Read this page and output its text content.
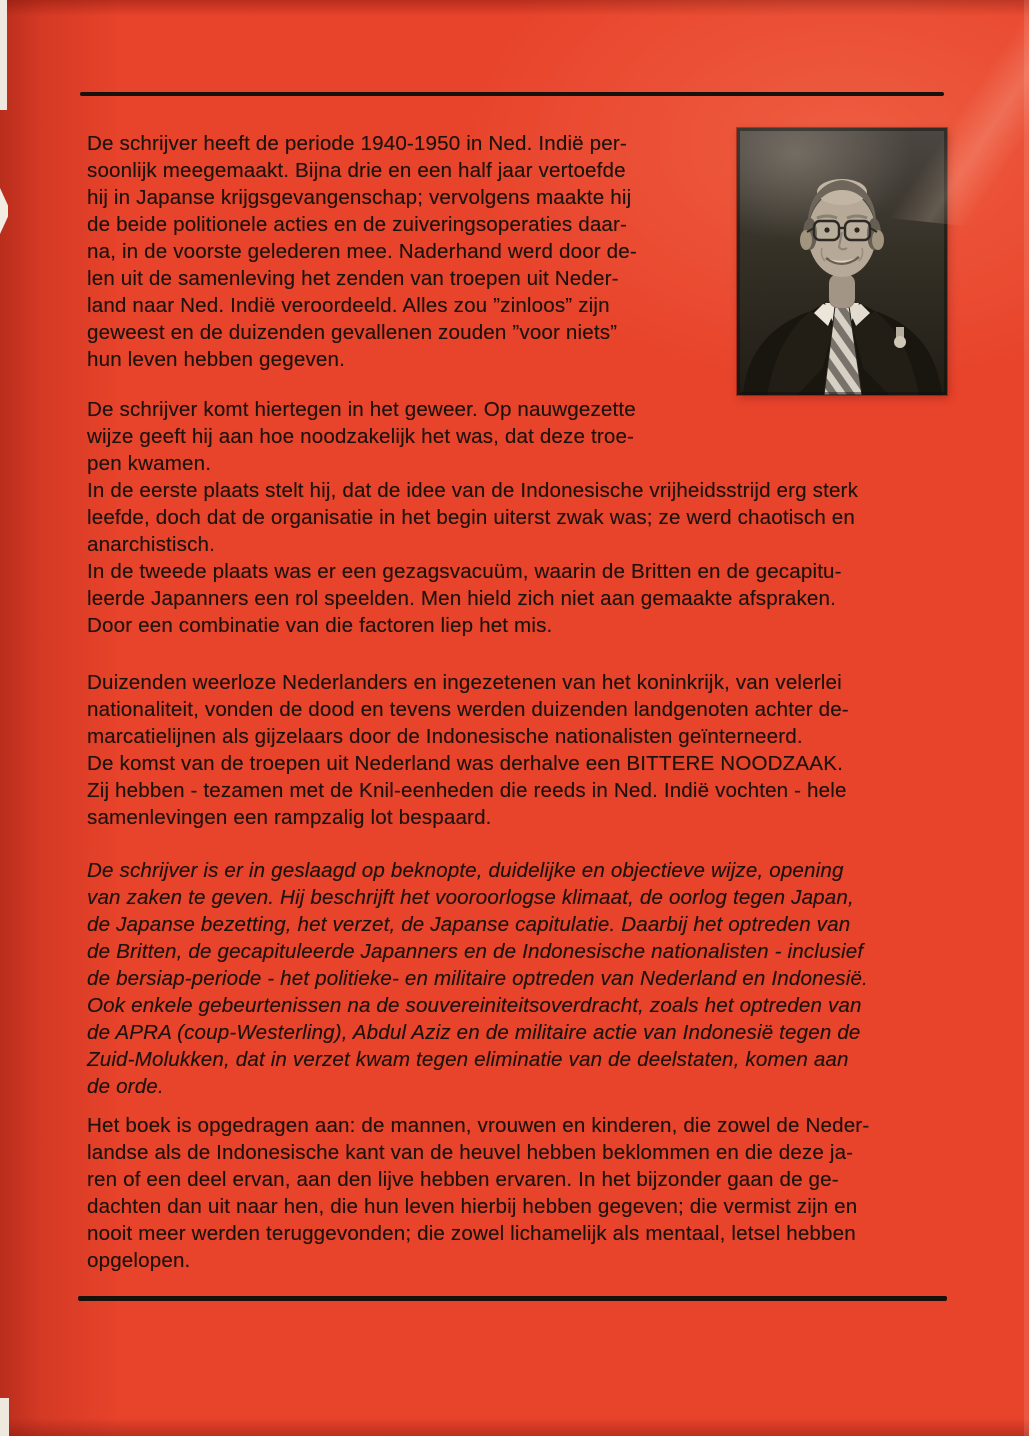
De schrijver heeft de periode 1940-1950 in Ned. Indië per-
soonlijk meegemaakt. Bijna drie en een half jaar vertoefde
hij in Japanse krijgsgevangenschap; vervolgens maakte hij
de beide politionele acties en de zuiveringsoperaties daar-
na, in de voorste gelederen mee. Naderhand werd door de-
len uit de samenleving het zenden van troepen uit Neder-
land naar Ned. Indië veroordeeld. Alles zou ”zinloos” zijn
geweest en de duizenden gevallenen zouden ”voor niets”
hun leven hebben gegeven.

De schrijver komt hiertegen in het geweer. Op nauwgezette
wijze geeft hij aan hoe noodzakelijk het was, dat deze troe-
pen kwamen.

In de eerste plaats stelt hij, dat de idee van de Indonesische vrijheidsstrijd erg sterk
leefde, doch dat de organisatie in het begin uiterst zwak was; ze werd chaotisch en
anarchistisch.

In de tweede plaats was er een gezagsvacuüm, waarin de Britten en de gecapitu-
leerde Japanners een rol speelden. Men hield zich niet aan gemaakte afspraken.
Door een combinatie van die factoren liep het mis.

Duizenden weerloze Nederlanders en ingezetenen van het koninkrijk, van velerlei
nationaliteit, vonden de dood en tevens werden duizenden landgenoten achter de-
marcatielijnen als gijzelaars door de Indonesische nationalisten geïnterneerd.

De komst van de troepen uit Nederland was derhalve een BITTERE NOODZAAK.
Zij hebben - tezamen met de Knil-eenheden die reeds in Ned. Indië vochten - hele
samenlevingen een rampzalig lot bespaard.

De schrijver is er in geslaagd op beknopte, duidelijke en objectieve wijze, opening
van zaken te geven. Hij beschrijft het vooroorlogse klimaat, de oorlog tegen Japan,
de Japanse bezetting, het verzet, de Japanse capitulatie. Daarbij het optreden van
de Britten, de gecapituleerde Japanners en de Indonesische nationalisten - inclusief
de bersiap-periode - het politieke- en militaire optreden van Nederland en Indonesië.
Ook enkele gebeurtenissen na de souvereiniteitsoverdracht, zoals het optreden van
de APRA (coup-Westerling), Abdul Aziz en de militaire actie van Indonesië tegen de
Zuid-Molukken, dat in verzet kwam tegen eliminatie van de deelstaten, komen aan
de orde.

Het boek is opgedragen aan: de mannen, vrouwen en kinderen, die zowel de Neder-
landse als de Indonesische kant van de heuvel hebben beklommen en die deze ja-
ren of een deel ervan, aan den lijve hebben ervaren. In het bijzonder gaan de ge-
dachten dan uit naar hen, die hun leven hierbij hebben gegeven; die vermist zijn en
nooit meer werden teruggevonden; die zowel lichamelijk als mentaal, letsel hebben
opgelopen.
